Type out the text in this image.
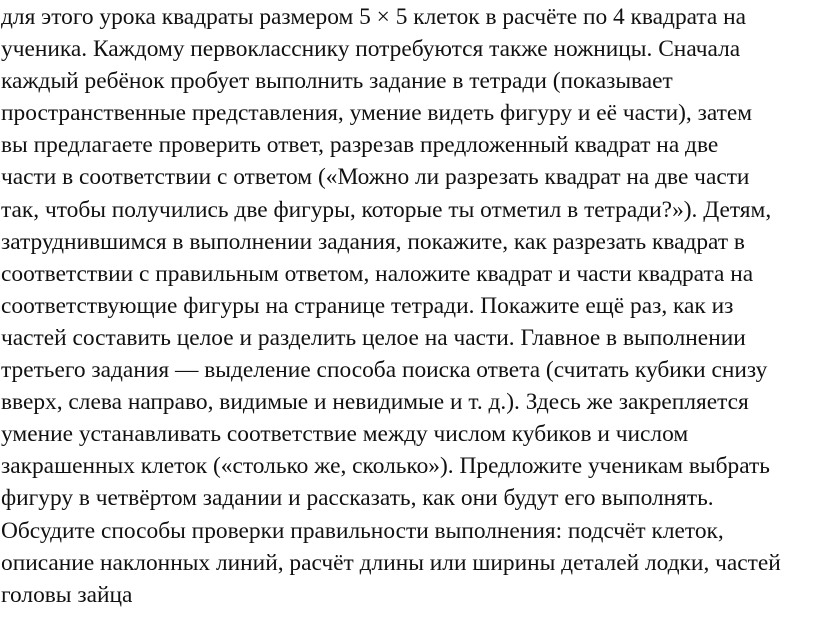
для этого урока квадраты размером 5 × 5 клеток в расчёте по 4 квадрата на
ученика. Каждому первокласснику потребуются также ножницы. Сначала
каждый ребёнок пробует выполнить задание в тетради (показывает
пространственные представления, умение видеть фигуру и её части), затем
вы предлагаете проверить ответ, разрезав предложенный квадрат на две
части в соответствии с ответом («Можно ли разрезать квадрат на две части
так, чтобы получились две фигуры, которые ты отметил в тетради?»). Детям,
затруднившимся в выполнении задания, покажите, как разрезать квадрат в
соответствии с правильным ответом, наложите квадрат и части квадрата на
соответствующие фигуры на странице тетради. Покажите ещё раз, как из
частей составить целое и разделить целое на части. Главное в выполнении
третьего задания — выделение способа поиска ответа (считать кубики снизу
вверх, слева направо, видимые и невидимые и т. д.). Здесь же закрепляется
умение устанавливать соответствие между числом кубиков и числом
закрашенных клеток («столько же, сколько»). Предложите ученикам выбрать
фигуру в четвёртом задании и рассказать, как они будут его выполнять.
Обсудите способы проверки правильности выполнения: подсчёт клеток,
описание наклонных линий, расчёт длины или ширины деталей лодки, частей
головы зайца
